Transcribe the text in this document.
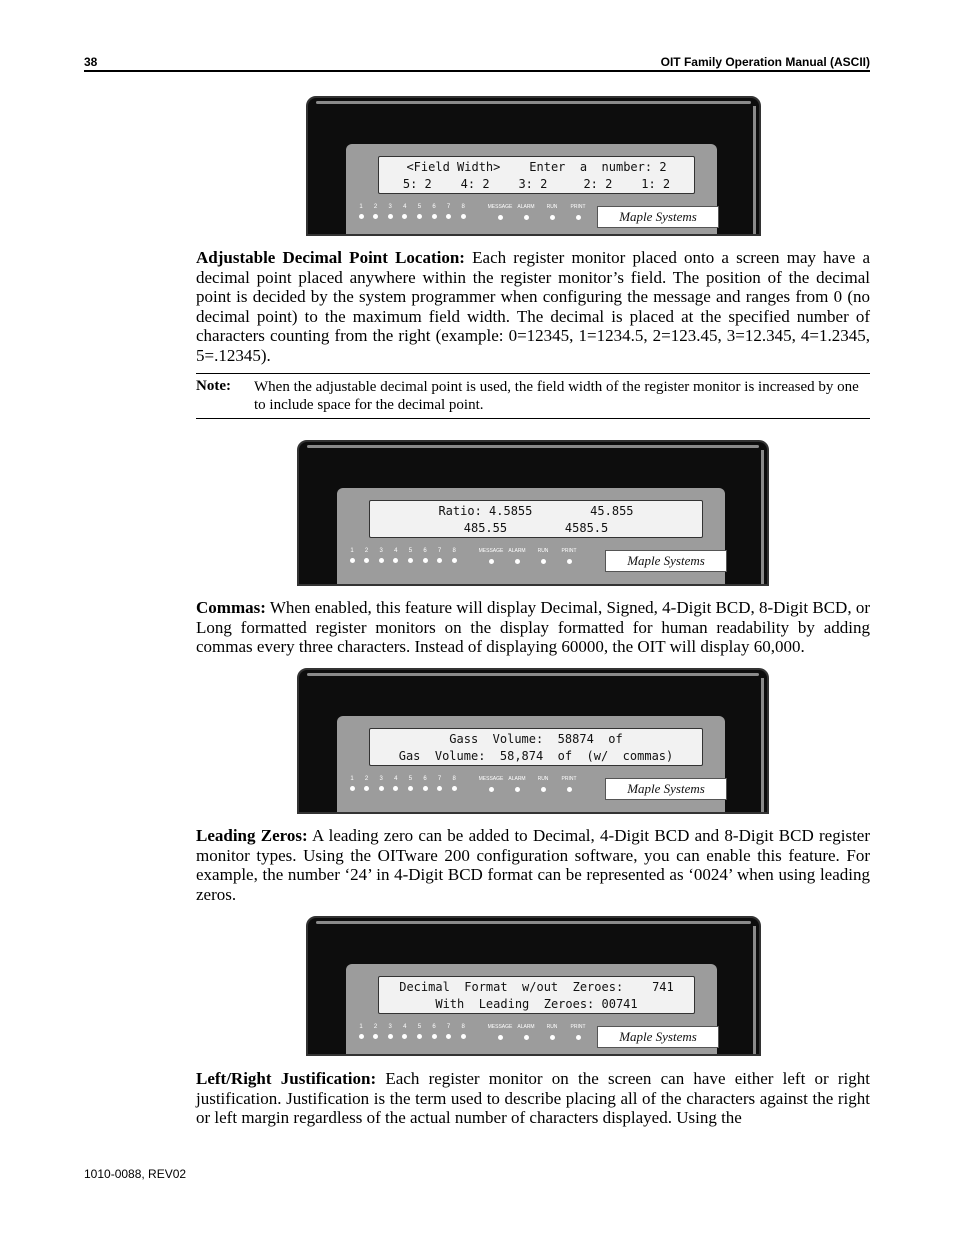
38	OIT Family Operation Manual (ASCII)
<Field Width>    Enter  a  number: 2
5: 2    4: 2    3: 2     2: 2    1: 2
1	2	3	4	5	6	7	8	MESSAGE	ALARM	RUN	PRINT
Maple Systems
Ratio: 4.5855        45.855
485.55        4585.5
1	2	3	4	5	6	7	8	MESSAGE	ALARM	RUN	PRINT
Maple Systems
Gass  Volume:  58874  of
Gas  Volume:  58,874  of  (w/  commas)
1	2	3	4	5	6	7	8	MESSAGE	ALARM	RUN	PRINT
Maple Systems
Decimal  Format  w/out  Zeroes:    741
With  Leading  Zeroes: 00741
1	2	3	4	5	6	7	8	MESSAGE	ALARM	RUN	PRINT
Maple Systems

Adjustable Decimal Point Location: Each register monitor placed onto a screen may have a decimal point placed anywhere within the register monitor’s field. The position of the decimal point is decided by the system programmer when configuring the message and ranges from 0 (no decimal point) to the maximum field width. The decimal is placed at the specified number of characters counting from the right (example: 0=12345, 1=1234.5, 2=123.45, 3=12.345, 4=1.2345, 5=.12345).

Note: When the adjustable decimal point is used, the field width of the register monitor is increased by one to include space for the decimal point.

Commas: When enabled, this feature will display Decimal, Signed, 4-Digit BCD, 8-Digit BCD, or Long formatted register monitors on the display formatted for human readability by adding commas every three characters. Instead of displaying 60000, the OIT will display 60,000.

Leading Zeros: A leading zero can be added to Decimal, 4-Digit BCD and 8-Digit BCD register monitor types. Using the OITware 200 configuration software, you can enable this feature. For example, the number ‘24’ in 4-Digit BCD format can be represented as ‘0024’ when using leading zeros.

Left/Right Justification: Each register monitor on the screen can have either left or right justification. Justification is the term used to describe placing all of the characters against the right or left margin regardless of the actual number of characters displayed. Using the

1010-0088, REV02
